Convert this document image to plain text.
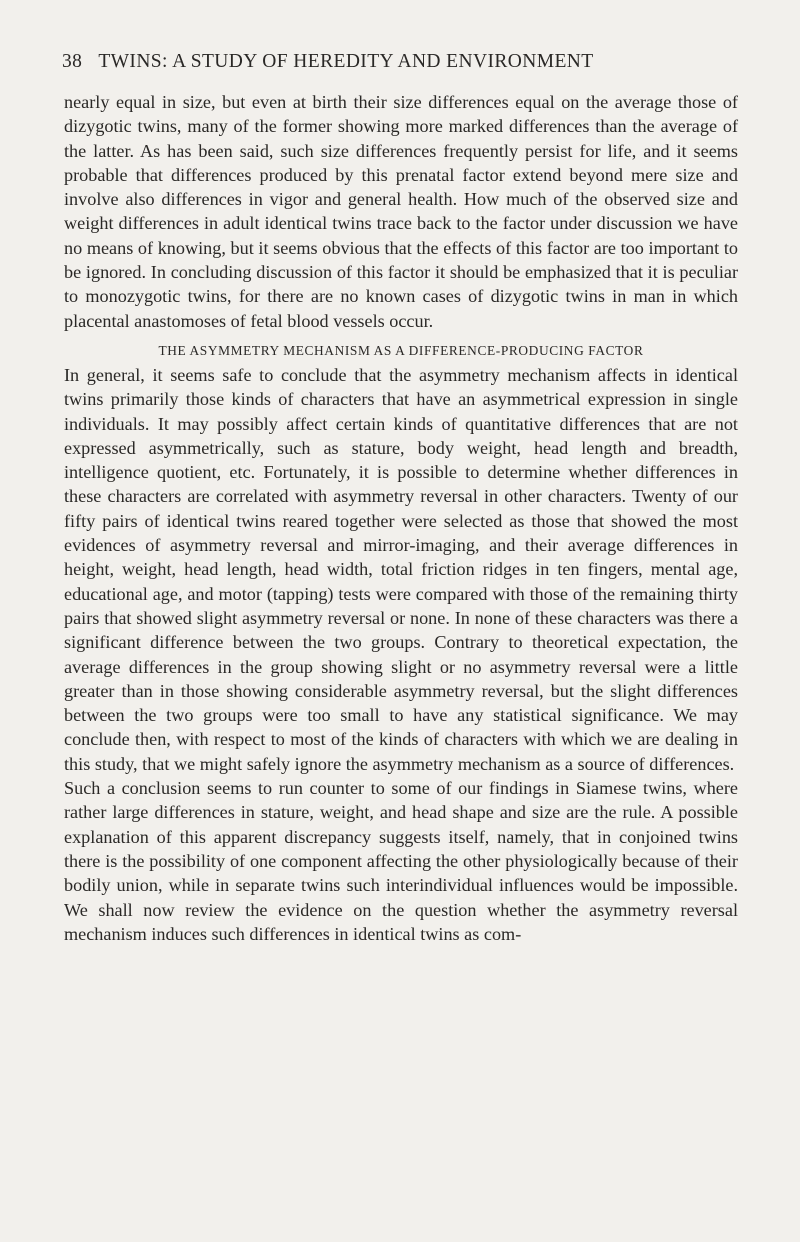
38 TWINS: A STUDY OF HEREDITY AND ENVIRONMENT

nearly equal in size, but even at birth their size differences equal on the average those of dizygotic twins, many of the former showing more marked differences than the average of the latter. As has been said, such size differences frequently persist for life, and it seems probable that differences produced by this prenatal factor extend beyond mere size and involve also differences in vigor and general health. How much of the observed size and weight differences in adult identical twins trace back to the factor under discussion we have no means of knowing, but it seems obvious that the effects of this factor are too important to be ignored. In concluding discussion of this factor it should be emphasized that it is peculiar to monozygotic twins, for there are no known cases of dizygotic twins in man in which placental anastomoses of fetal blood vessels occur.

THE ASYMMETRY MECHANISM AS A DIFFERENCE-PRODUCING FACTOR

In general, it seems safe to conclude that the asymmetry mechanism affects in identical twins primarily those kinds of characters that have an asymmetrical expression in single individuals. It may possibly affect certain kinds of quantitative differences that are not expressed asymmetrically, such as stature, body weight, head length and breadth, intelligence quotient, etc. Fortunately, it is possible to determine whether differences in these characters are correlated with asymmetry reversal in other characters. Twenty of our fifty pairs of identical twins reared together were selected as those that showed the most evidences of asymmetry reversal and mirror-imaging, and their average differences in height, weight, head length, head width, total friction ridges in ten fingers, mental age, educational age, and motor (tapping) tests were compared with those of the remaining thirty pairs that showed slight asymmetry reversal or none. In none of these characters was there a significant difference between the two groups. Contrary to theoretical expectation, the average differences in the group showing slight or no asymmetry reversal were a little greater than in those showing considerable asymmetry reversal, but the slight differences between the two groups were too small to have any statistical significance. We may conclude then, with respect to most of the kinds of characters with which we are dealing in this study, that we might safely ignore the asymmetry mechanism as a source of differences.

Such a conclusion seems to run counter to some of our findings in Siamese twins, where rather large differences in stature, weight, and head shape and size are the rule. A possible explanation of this apparent discrepancy suggests itself, namely, that in conjoined twins there is the possibility of one component affecting the other physiologically because of their bodily union, while in separate twins such interindividual influences would be impossible. We shall now review the evidence on the question whether the asymmetry reversal mechanism induces such differences in identical twins as com-
